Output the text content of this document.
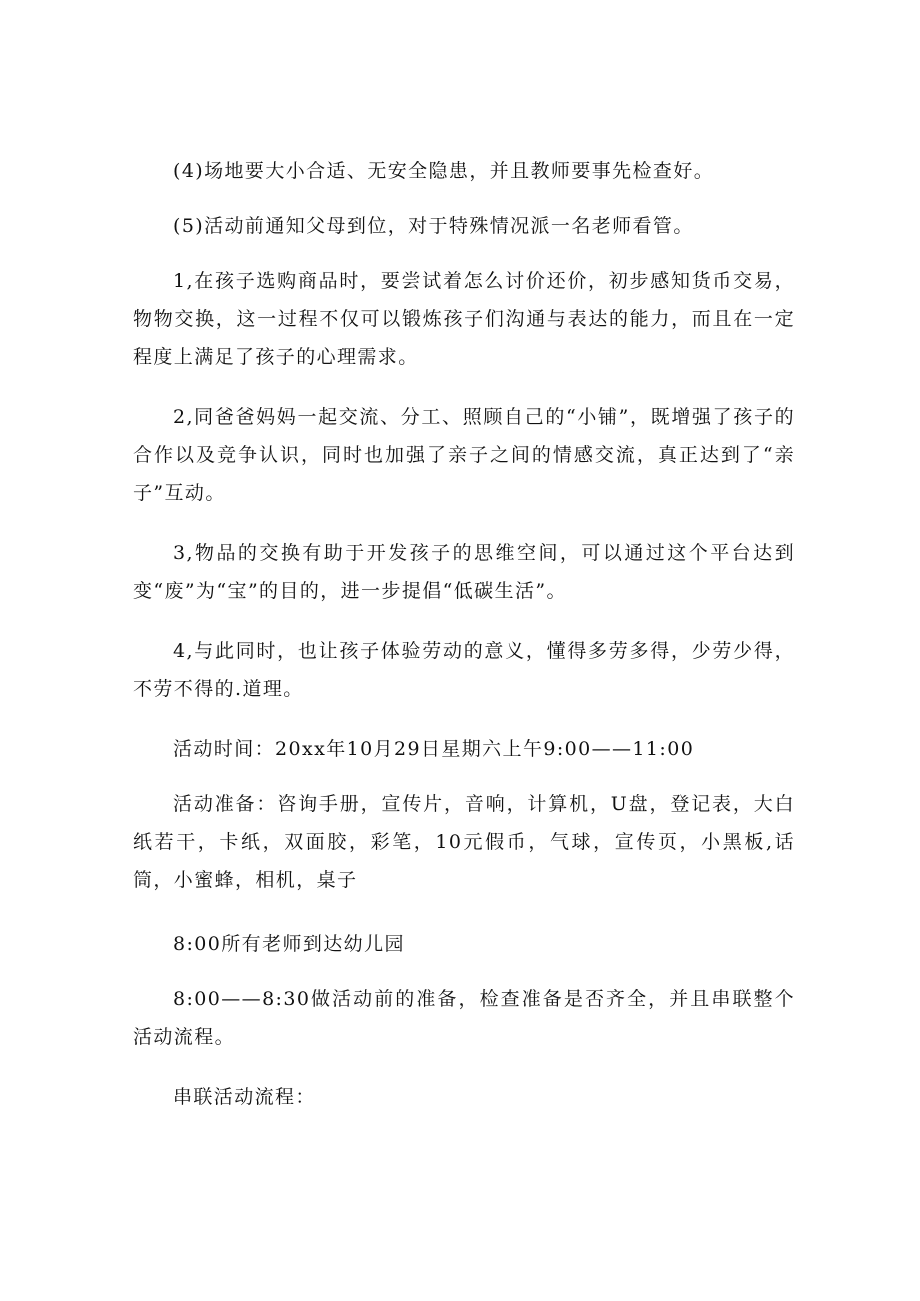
(4)场地要大小合适、无安全隐患，并且教师要事先检查好。

(5)活动前通知父母到位，对于特殊情况派一名老师看管。

1,在孩子选购商品时，要尝试着怎么讨价还价，初步感知货币交易，物物交换，这一过程不仅可以锻炼孩子们沟通与表达的能力，而且在一定程度上满足了孩子的心理需求。

2,同爸爸妈妈一起交流、分工、照顾自己的“小铺”，既增强了孩子的合作以及竞争认识，同时也加强了亲子之间的情感交流，真正达到了“亲子”互动。

3,物品的交换有助于开发孩子的思维空间，可以通过这个平台达到变“废”为“宝”的目的，进一步提倡“低碳生活”。

4,与此同时，也让孩子体验劳动的意义，懂得多劳多得，少劳少得，不劳不得的.道理。

活动时间：20xx年10月29日星期六上午9:00——11:00

活动准备：咨询手册，宣传片，音响，计算机，U盘，登记表，大白纸若干，卡纸，双面胶，彩笔，10元假币，气球，宣传页，小黑板,话筒，小蜜蜂，相机，桌子

8:00所有老师到达幼儿园

8:00——8:30做活动前的准备，检查准备是否齐全，并且串联整个活动流程。

串联活动流程：
